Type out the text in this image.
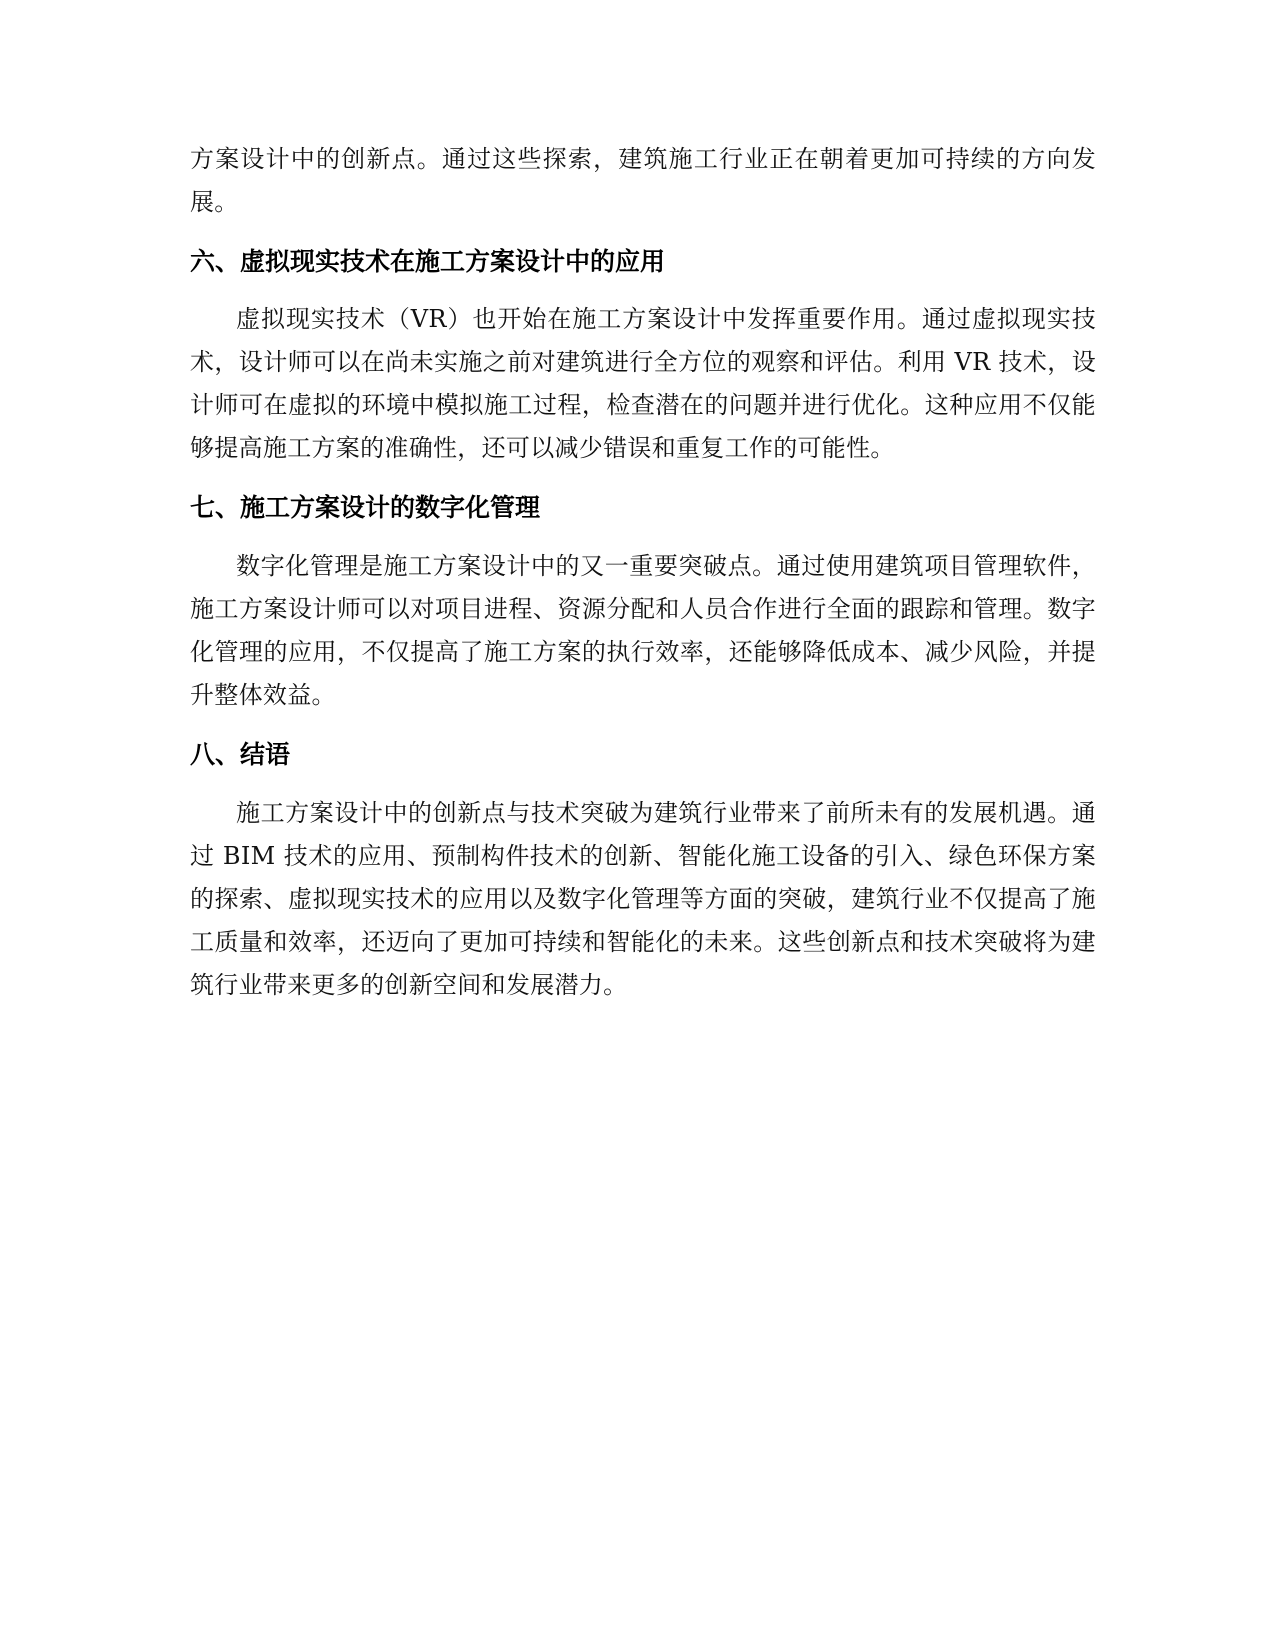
方案设计中的创新点。通过这些探索，建筑施工行业正在朝着更加可持续的方向发展。

六、虚拟现实技术在施工方案设计中的应用

虚拟现实技术（VR）也开始在施工方案设计中发挥重要作用。通过虚拟现实技术，设计师可以在尚未实施之前对建筑进行全方位的观察和评估。利用 VR 技术，设计师可在虚拟的环境中模拟施工过程，检查潜在的问题并进行优化。这种应用不仅能够提高施工方案的准确性，还可以减少错误和重复工作的可能性。

七、施工方案设计的数字化管理

数字化管理是施工方案设计中的又一重要突破点。通过使用建筑项目管理软件，施工方案设计师可以对项目进程、资源分配和人员合作进行全面的跟踪和管理。数字化管理的应用，不仅提高了施工方案的执行效率，还能够降低成本、减少风险，并提升整体效益。

八、结语

施工方案设计中的创新点与技术突破为建筑行业带来了前所未有的发展机遇。通过 BIM 技术的应用、预制构件技术的创新、智能化施工设备的引入、绿色环保方案的探索、虚拟现实技术的应用以及数字化管理等方面的突破，建筑行业不仅提高了施工质量和效率，还迈向了更加可持续和智能化的未来。这些创新点和技术突破将为建筑行业带来更多的创新空间和发展潜力。
